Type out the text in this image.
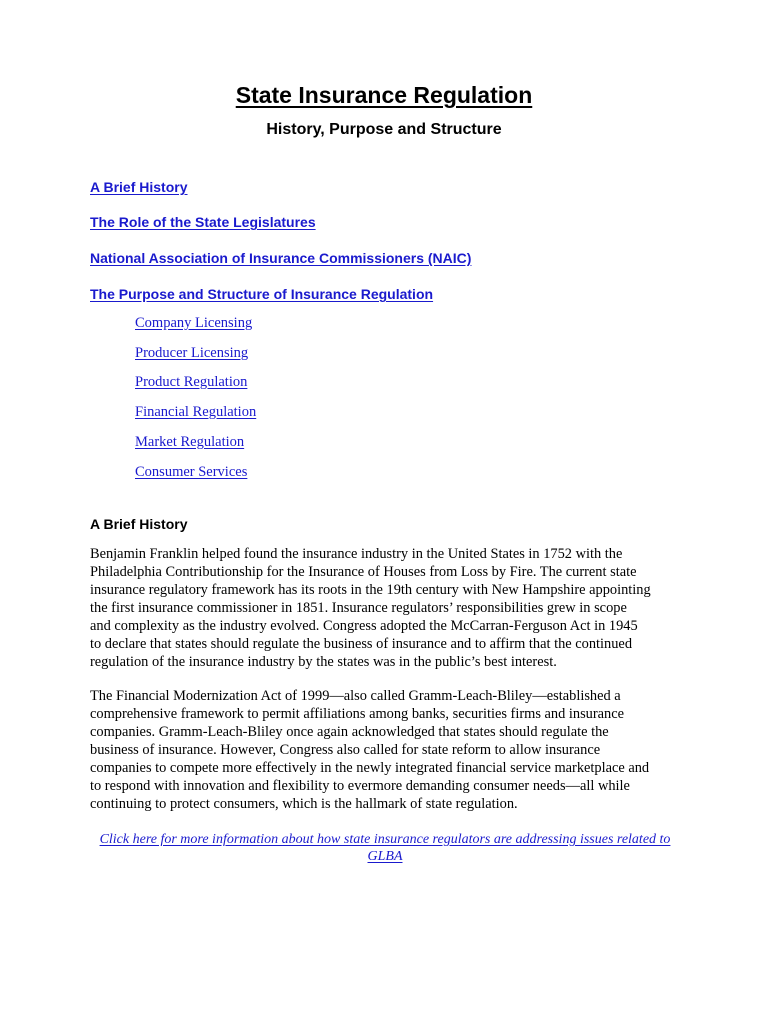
State Insurance Regulation
History, Purpose and Structure
A Brief History
The Role of the State Legislatures
National Association of Insurance Commissioners (NAIC)
The Purpose and Structure of Insurance Regulation
Company Licensing
Producer Licensing
Product Regulation
Financial Regulation
Market Regulation
Consumer Services
A Brief History

Benjamin Franklin helped found the insurance industry in the United States in 1752 with the
Philadelphia Contributionship for the Insurance of Houses from Loss by Fire. The current state
insurance regulatory framework has its roots in the 19th century with New Hampshire appointing
the first insurance commissioner in 1851. Insurance regulators’ responsibilities grew in scope
and complexity as the industry evolved. Congress adopted the McCarran-Ferguson Act in 1945
to declare that states should regulate the business of insurance and to affirm that the continued
regulation of the insurance industry by the states was in the public’s best interest.

The Financial Modernization Act of 1999—also called Gramm-Leach-Bliley—established a
comprehensive framework to permit affiliations among banks, securities firms and insurance
companies. Gramm-Leach-Bliley once again acknowledged that states should regulate the
business of insurance. However, Congress also called for state reform to allow insurance
companies to compete more effectively in the newly integrated financial service marketplace and
to respond with innovation and flexibility to evermore demanding consumer needs—all while
continuing to protect consumers, which is the hallmark of state regulation.

Click here for more information about how state insurance regulators are addressing issues related to
GLBA
